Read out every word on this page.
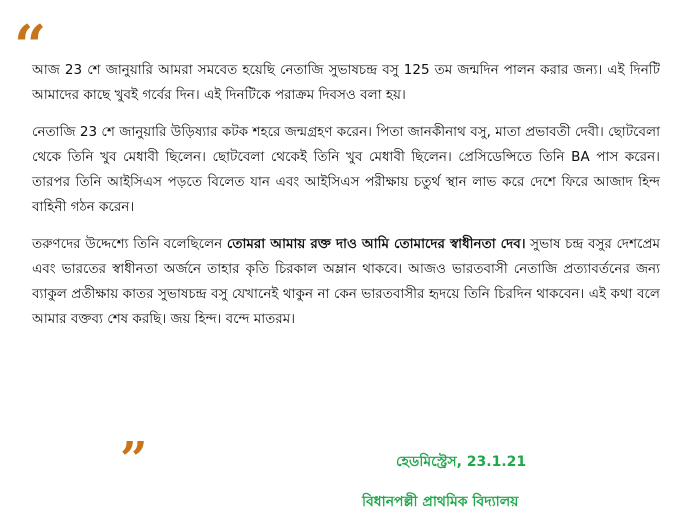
“

আজ 23 শে জানুয়ারি আমরা সমবেত হয়েছি নেতাজি সুভাষচন্দ্র বসু 125 তম জন্মদিন পালন করার জন্য। এই দিনটি আমাদের কাছে খুবই গর্বের দিন। এই দিনটিকে পরাক্রম দিবসও বলা হয়।

নেতাজি 23 শে জানুয়ারি উড়িষ্যার কটক শহরে জন্মগ্রহণ করেন। পিতা জানকীনাথ বসু, মাতা প্রভাবতী দেবী। ছোটবেলা থেকে তিনি খুব মেধাবী ছিলেন। ছোটবেলা থেকেই তিনি খুব মেধাবী ছিলেন। প্রেসিডেন্সিতে তিনি BA পাস করেন। তারপর তিনি আইসিএস পড়তে বিলেত যান এবং আইসিএস পরীক্ষায় চতুর্থ স্থান লাভ করে দেশে ফিরে আজাদ হিন্দ বাহিনী গঠন করেন।

তরুণদের উদ্দেশ্যে তিনি বলেছিলেন তোমরা আমায় রক্ত দাও আমি তোমাদের স্বাধীনতা দেব। সুভাষ চন্দ্র বসুর দেশপ্রেম এবং ভারতের স্বাধীনতা অর্জনে তাহার কৃতি চিরকাল অম্লান থাকবে। আজও ভারতবাসী নেতাজি প্রত্যাবর্তনের জন্য ব্যাকুল প্রতীক্ষায় কাতর সুভাষচন্দ্র বসু যেখানেই থাকুন না কেন ভারতবাসীর হৃদয়ে তিনি চিরদিন থাকবেন। এই কথা বলে আমার বক্তব্য শেষ করছি। জয় হিন্দ। বন্দে মাতরম।

”	হেডমিস্ট্রেস, 23.1.21
বিধানপল্লী প্রাথমিক বিদ্যালয়
